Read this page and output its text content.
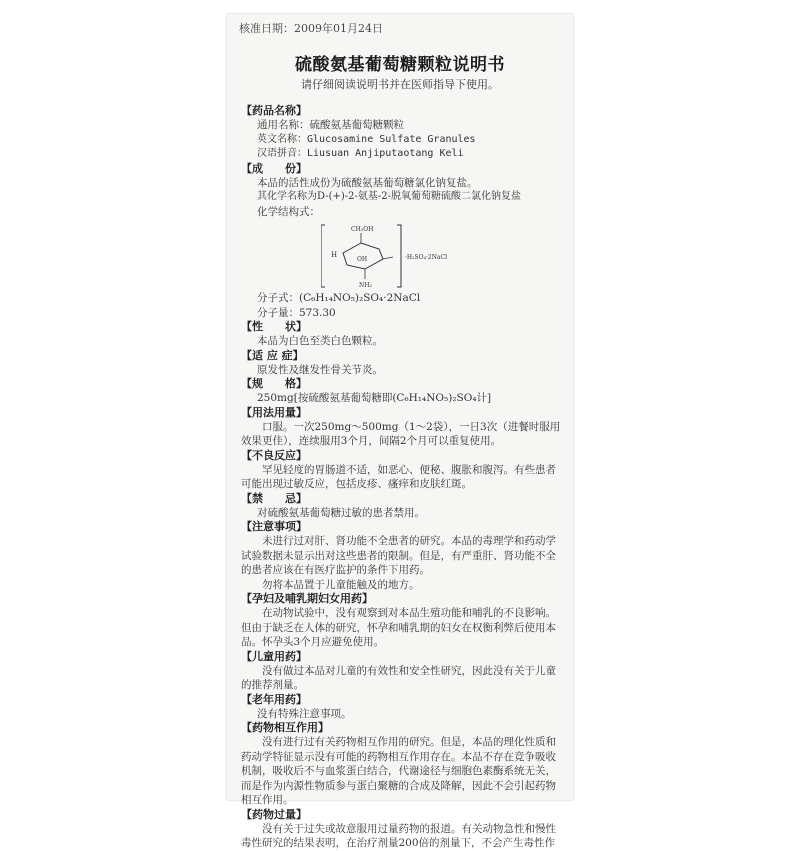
核准日期：2009年01月24日
硫酸氨基葡萄糖颗粒说明书
请仔细阅读说明书并在医师指导下使用。
【药品名称】
通用名称：硫酸氨基葡萄糖颗粒
英文名称：Glucosamine Sulfate Granules
汉语拼音：Liusuan Anjiputaotang Keli
【成　　份】
本品的活性成份为硫酸氨基葡萄糖氯化钠复盐。
其化学名称为D-(+)-2-氨基-2-脱氧葡萄糖硫酸二氯化钠复盐
化学结构式：
CH₂OH
H
OH
NH₂
·H₂SO₄·2NaCl
分子式：(C₆H₁₄NO₅)₂SO₄·2NaCl
分子量：573.30
【性　　状】
本品为白色至类白色颗粒。
【适 应 症】
原发性及继发性骨关节炎。
【规　　格】
250mg[按硫酸氨基葡萄糖即(C₆H₁₄NO₅)₂SO₄计]
【用法用量】
口服。一次250mg～500mg（1～2袋），一日3次（进餐时服用效果更佳），连续服用3个月，间隔2个月可以重复使用。
【不良反应】
罕见轻度的胃肠道不适，如恶心、便秘、腹胀和腹泻。有些患者可能出现过敏反应，包括皮疹、瘙痒和皮肤红斑。
【禁　　忌】
对硫酸氨基葡萄糖过敏的患者禁用。
【注意事项】
未进行过对肝、肾功能不全患者的研究。本品的毒理学和药动学试验数据未显示出对这些患者的限制。但是，有严重肝、肾功能不全的患者应该在有医疗监护的条件下用药。
勿将本品置于儿童能触及的地方。
【孕妇及哺乳期妇女用药】
在动物试验中，没有观察到对本品生殖功能和哺乳的不良影响。但由于缺乏在人体的研究，怀孕和哺乳期的妇女在权衡利弊后使用本品。怀孕头3个月应避免使用。
【儿童用药】
没有做过本品对儿童的有效性和安全性研究，因此没有关于儿童的推荐剂量。
【老年用药】
没有特殊注意事项。
【药物相互作用】
没有进行过有关药物相互作用的研究。但是，本品的理化性质和药动学特征显示没有可能的药物相互作用存在。本品不存在竞争吸收机制，吸收后不与血浆蛋白结合，代谢途径与细胞色素酶系统无关，而是作为内源性物质参与蛋白聚糖的合成及降解，因此不会引起药物相互作用。
【药物过量】
没有关于过失或故意服用过量药物的报道。有关动物急性和慢性毒性研究的结果表明，在治疗剂量200倍的剂量下，不会产生毒性作
